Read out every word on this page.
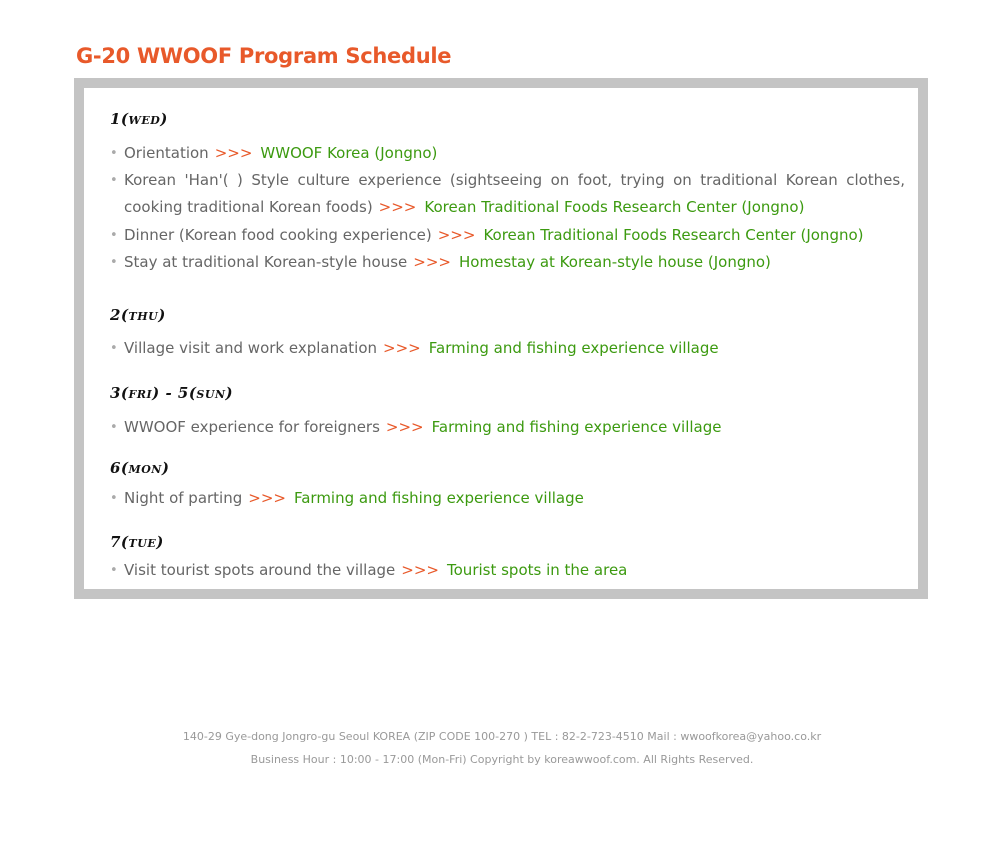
G-20 WWOOF Program Schedule
1(wed)
• Orientation >>> WWOOF Korea (Jongno)
• Korean 'Han'( ) Style culture experience (sightseeing on foot, trying on traditional Korean clothes, cooking traditional Korean foods) >>> Korean Traditional Foods Research Center (Jongno)
• Dinner (Korean food cooking experience) >>> Korean Traditional Foods Research Center (Jongno)
• Stay at traditional Korean-style house >>> Homestay at Korean-style house (Jongno)
2(thu)
• Village visit and work explanation >>> Farming and fishing experience village
3(fri) - 5(sun)
• WWOOF experience for foreigners >>> Farming and fishing experience village
6(mon)
• Night of parting >>> Farming and fishing experience village
7(tue)
• Visit tourist spots around the village >>> Tourist spots in the area
140-29 Gye-dong Jongro-gu Seoul KOREA (ZIP CODE 100-270 ) TEL : 82-2-723-4510 Mail : wwoofkorea@yahoo.co.kr
Business Hour : 10:00 - 17:00 (Mon-Fri) Copyright by koreawwoof.com. All Rights Reserved.
